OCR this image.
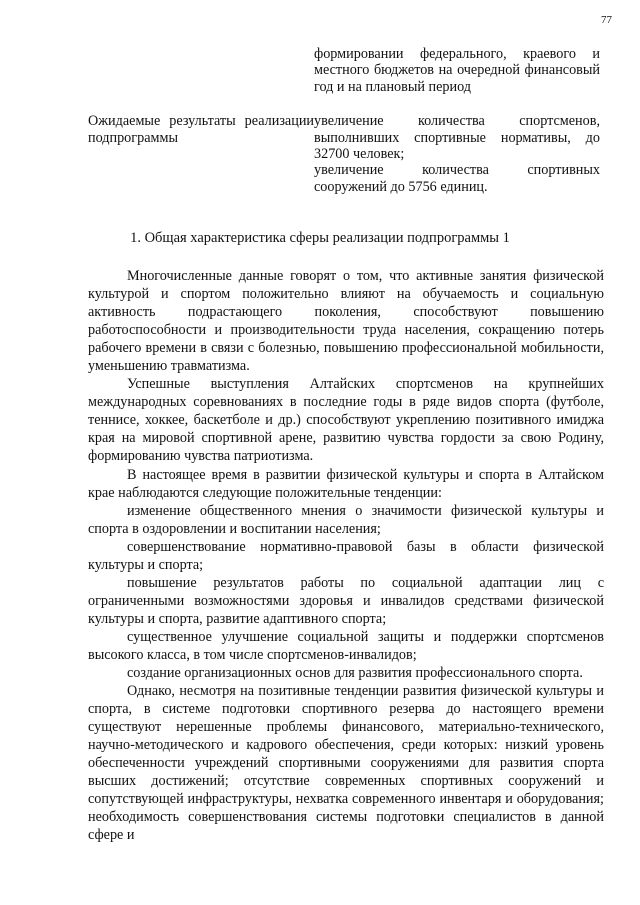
77
формировании федерального, краевого и местного бюджетов на очередной финансовый год и на плановый период
Ожидаемые результаты реализации подпрограммы
увеличение количества спортсменов, выполнивших спортивные нормативы, до 32700 человек;
увеличение количества спортивных сооружений до 5756 единиц.
1. Общая характеристика сферы реализации подпрограммы 1

Многочисленные данные говорят о том, что активные занятия физической культурой и спортом положительно влияют на обучаемость и социальную активность подрастающего поколения, способствуют повышению работоспособности и производительности труда населения, сокращению потерь рабочего времени в связи с болезнью, повышению профессиональной мобильности, уменьшению травматизма.

Успешные выступления Алтайских спортсменов на крупнейших международных соревнованиях в последние годы в ряде видов спорта (футболе, теннисе, хоккее, баскетболе и др.) способствуют укреплению позитивного имиджа края на мировой спортивной арене, развитию чувства гордости за свою Родину, формированию чувства патриотизма.

В настоящее время в развитии физической культуры и спорта в Алтайском крае наблюдаются следующие положительные тенденции:

изменение общественного мнения о значимости физической культуры и спорта в оздоровлении и воспитании населения;

совершенствование нормативно-правовой базы в области физической культуры и спорта;

повышение результатов работы по социальной адаптации лиц с ограниченными возможностями здоровья и инвалидов средствами физической культуры и спорта, развитие адаптивного спорта;

существенное улучшение социальной защиты и поддержки спортсменов высокого класса, в том числе спортсменов-инвалидов;

создание организационных основ для развития профессионального спорта.

Однако, несмотря на позитивные тенденции развития физической культуры и спорта, в системе подготовки спортивного резерва до настоящего времени существуют нерешенные проблемы финансового, материально-технического, научно-методического и кадрового обеспечения, среди которых: низкий уровень обеспеченности учреждений спортивными сооружениями для развития спорта высших достижений; отсутствие современных спортивных сооружений и сопутствующей инфраструктуры, нехватка современного инвентаря и оборудования; необходимость совершенствования системы подготовки специалистов в данной сфере и
